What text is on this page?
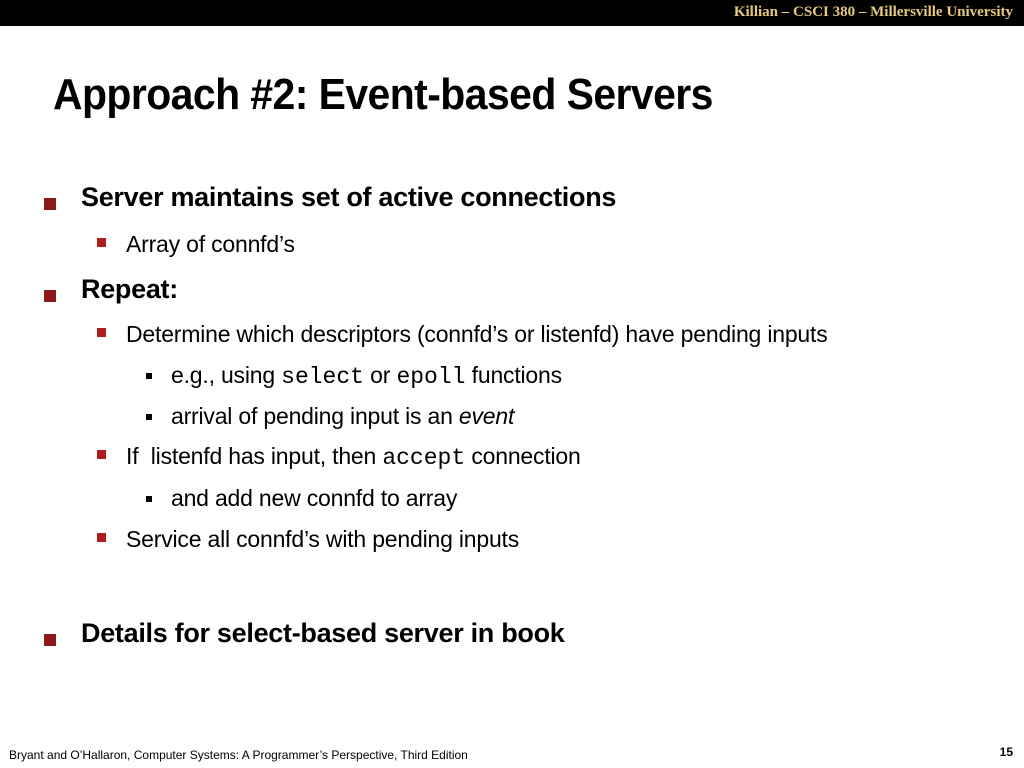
Killian – CSCI 380 – Millersville University
Approach #2: Event-based Servers
Server maintains set of active connections
Array of connfd’s
Repeat:
Determine which descriptors (connfd’s or listenfd) have pending inputs
e.g., using select or epoll functions
arrival of pending input is an event
If  listenfd has input, then accept connection
and add new connfd to array
Service all connfd’s with pending inputs
Details for select-based server in book
Bryant and O’Hallaron, Computer Systems: A Programmer’s Perspective, Third Edition	15
